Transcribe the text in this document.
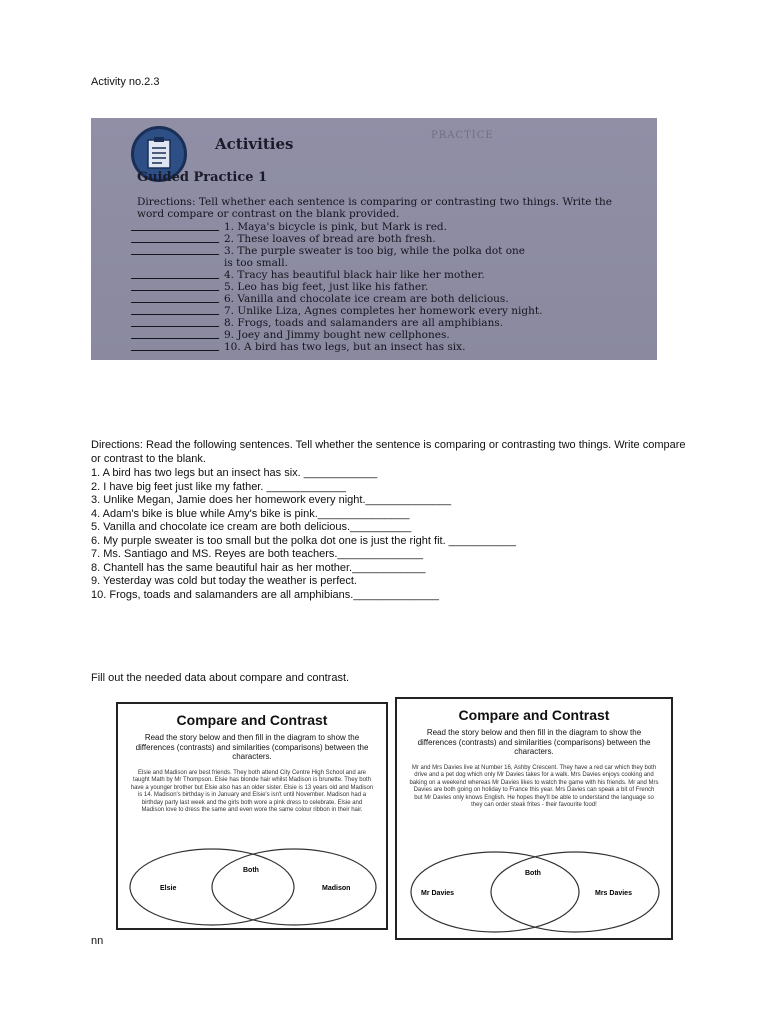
Activity no.2.3
Activities	PRACTICE
Guided Practice 1
Directions: Tell whether each sentence is comparing or contrasting two things. Write the word compare or contrast on the blank provided.
1. Maya's bicycle is pink, but Mark is red.
2. These loaves of bread are both fresh.
3. The purple sweater is too big, while the polka dot one is too small.
4. Tracy has beautiful black hair like her mother.
5. Leo has big feet, just like his father.
6. Vanilla and chocolate ice cream are both delicious.
7. Unlike Liza, Agnes completes her homework every night.
8. Frogs, toads and salamanders are all amphibians.
9. Joey and Jimmy bought new cellphones.
10. A bird has two legs, but an insect has six.

Directions: Read the following sentences. Tell whether the sentence is comparing or contrasting two things. Write compare or contrast to the blank.

1. A bird has two legs but an insect has six. ____________
2. I have big feet just like my father. _____________
3. Unlike Megan, Jamie does her homework every night.______________
4. Adam's bike is blue while Amy's bike is pink._______________
5. Vanilla and chocolate ice cream are both delicious.__________
6. My purple sweater is too small but the polka dot one is just the right fit. ___________
7. Ms. Santiago and MS. Reyes are both teachers.______________
8. Chantell has the same beautiful hair as her mother.____________
9. Yesterday was cold but today the weather is perfect.
10. Frogs, toads and salamanders are all amphibians.______________
Fill out the needed data about compare and contrast.
Compare and Contrast
Read the story below and then fill in the diagram to show the differences (contrasts) and similarities (comparisons) between the characters.
Elsie and Madison are best friends. They both attend City Centre High School and are taught Math by Mr Thompson. Elsie has blonde hair whilst Madison is brunette. They both have a younger brother but Elsie also has an older sister. Elsie is 13 years old and Madison is 14. Madison's birthday is in January and Elsie's isn't until November. Madison had a birthday party last week and the girls both wore a pink dress to celebrate. Elsie and Madison love to dress the same and even wore the same colour ribbon in their hair.
Elsie
Both
Madison
Compare and Contrast
Read the story below and then fill in the diagram to show the differences (contrasts) and similarities (comparisons) between the characters.
Mr and Mrs Davies live at Number 16, Ashby Crescent. They have a red car which they both drive and a pet dog which only Mr Davies takes for a walk. Mrs Davies enjoys cooking and baking on a weekend whereas Mr Davies likes to watch the game with his friends. Mr and Mrs Davies are both going on holiday to France this year. Mrs Davies can speak a bit of French but Mr Davies only knows English. He hopes they'll be able to understand the language so they can order steak frites - their favourite food!
Mr Davies
Both
Mrs Davies
nn
